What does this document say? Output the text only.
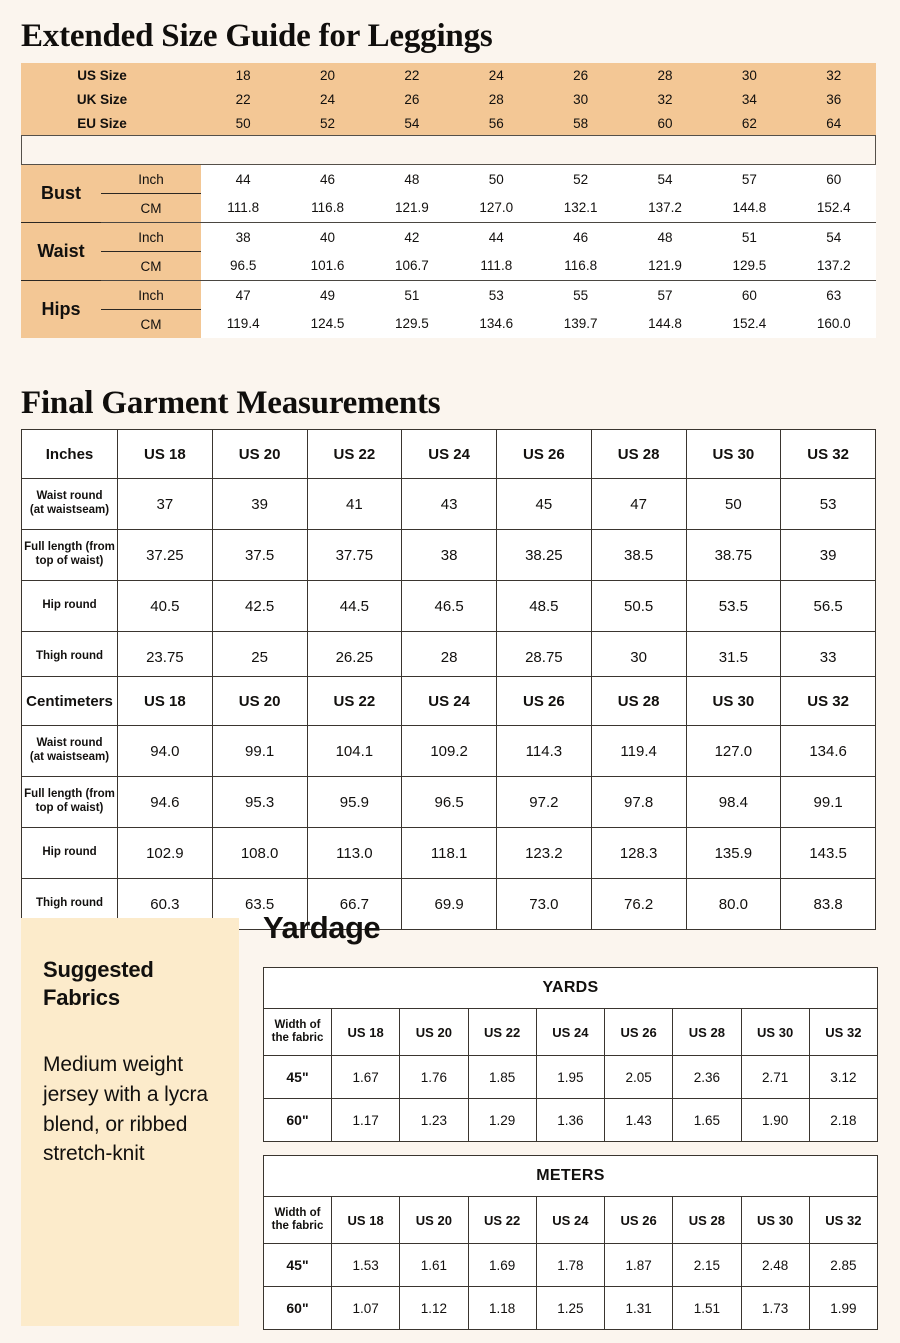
Extended Size Guide for Leggings
US Size	18	20	22	24	26	28	30	32
UK Size	22	24	26	28	30	32	34	36
EU Size	50	52	54	56	58	60	62	64
Bust	Inch	44	46	48	50	52	54	57	60
	CM	111.8	116.8	121.9	127.0	132.1	137.2	144.8	152.4
Waist	Inch	38	40	42	44	46	48	51	54
	CM	96.5	101.6	106.7	111.8	116.8	121.9	129.5	137.2
Hips	Inch	47	49	51	53	55	57	60	63
	CM	119.4	124.5	129.5	134.6	139.7	144.8	152.4	160.0
Final Garment Measurements
Inches	US 18	US 20	US 22	US 24	US 26	US 28	US 30	US 32
Waist round
(at waistseam)	37	39	41	43	45	47	50	53
Full length (from
top of waist)	37.25	37.5	37.75	38	38.25	38.5	38.75	39
Hip round	40.5	42.5	44.5	46.5	48.5	50.5	53.5	56.5
Thigh round	23.75	25	26.25	28	28.75	30	31.5	33
Centimeters	US 18	US 20	US 22	US 24	US 26	US 28	US 30	US 32
Waist round
(at waistseam)	94.0	99.1	104.1	109.2	114.3	119.4	127.0	134.6
Full length (from
top of waist)	94.6	95.3	95.9	96.5	97.2	97.8	98.4	99.1
Hip round	102.9	108.0	113.0	118.1	123.2	128.3	135.9	143.5
Thigh round	60.3	63.5	66.7	69.9	73.0	76.2	80.0	83.8
Suggested Fabrics
Medium weight jersey with a lycra blend, or ribbed stretch-knit
Yardage
YARDS								
Width of
the fabric	US 18	US 20	US 22	US 24	US 26	US 28	US 30	US 32
45"	1.67	1.76	1.85	1.95	2.05	2.36	2.71	3.12
60"	1.17	1.23	1.29	1.36	1.43	1.65	1.90	2.18
METERS								
Width of
the fabric	US 18	US 20	US 22	US 24	US 26	US 28	US 30	US 32
45"	1.53	1.61	1.69	1.78	1.87	2.15	2.48	2.85
60"	1.07	1.12	1.18	1.25	1.31	1.51	1.73	1.99
